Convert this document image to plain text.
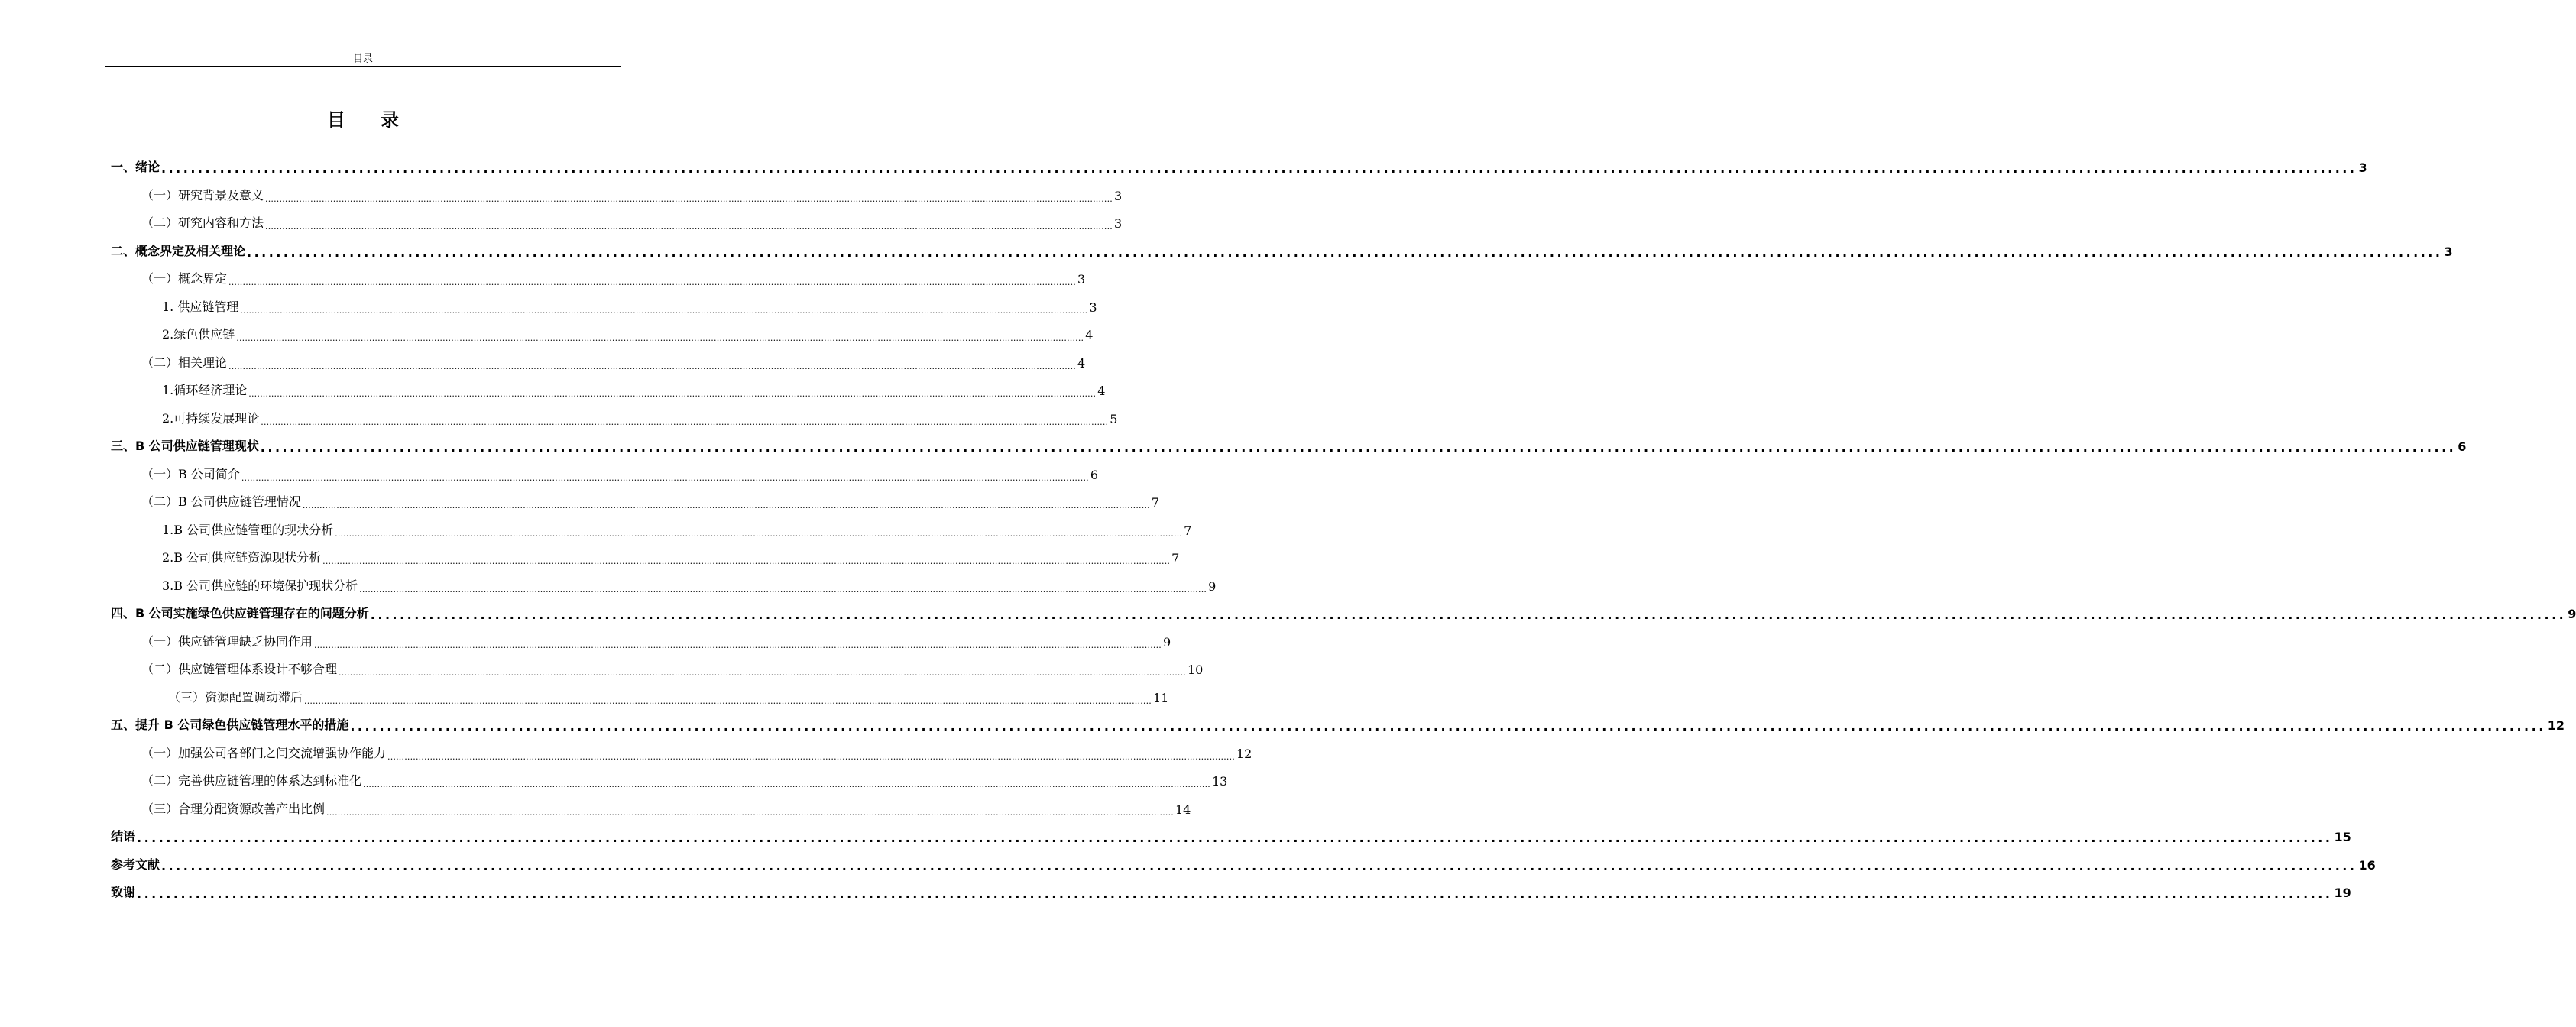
目录
目录
一、绪论 ............................................................................................................................................................................................................................................................................................................ 3
（一）研究背景及意义 ............................................................................................................................................................................................................................................................................................................ 3
（二）研究内容和方法 ............................................................................................................................................................................................................................................................................................................ 3
二、概念界定及相关理论 ............................................................................................................................................................................................................................................................................................................ 3
（一）概念界定 ............................................................................................................................................................................................................................................................................................................ 3
1. 供应链管理 ............................................................................................................................................................................................................................................................................................................ 3
2.绿色供应链 ............................................................................................................................................................................................................................................................................................................ 4
（二）相关理论 ............................................................................................................................................................................................................................................................................................................ 4
1.循环经济理论 ............................................................................................................................................................................................................................................................................................................ 4
2.可持续发展理论 ............................................................................................................................................................................................................................................................................................................ 5
三、B 公司供应链管理现状 ............................................................................................................................................................................................................................................................................................................ 6
（一）B 公司简介 ............................................................................................................................................................................................................................................................................................................ 6
（二）B 公司供应链管理情况 ............................................................................................................................................................................................................................................................................................................ 7
1.B 公司供应链管理的现状分析 ............................................................................................................................................................................................................................................................................................................ 7
2.B 公司供应链资源现状分析 ............................................................................................................................................................................................................................................................................................................ 7
3.B 公司供应链的环境保护现状分析 ............................................................................................................................................................................................................................................................................................................ 9
四、B 公司实施绿色供应链管理存在的问题分析 ............................................................................................................................................................................................................................................................................................................ 9
（一）供应链管理缺乏协同作用 ............................................................................................................................................................................................................................................................................................................ 9
（二）供应链管理体系设计不够合理 ............................................................................................................................................................................................................................................................................................................ 10
（三）资源配置调动滞后 ............................................................................................................................................................................................................................................................................................................ 11
五、提升 B 公司绿色供应链管理水平的措施 ............................................................................................................................................................................................................................................................................................................ 12
（一）加强公司各部门之间交流增强协作能力 ............................................................................................................................................................................................................................................................................................................ 12
（二）完善供应链管理的体系达到标准化 ............................................................................................................................................................................................................................................................................................................ 13
（三）合理分配资源改善产出比例 ............................................................................................................................................................................................................................................................................................................ 14
结语 ............................................................................................................................................................................................................................................................................................................ 15
参考文献 ............................................................................................................................................................................................................................................................................................................ 16
致谢 ............................................................................................................................................................................................................................................................................................................ 19
